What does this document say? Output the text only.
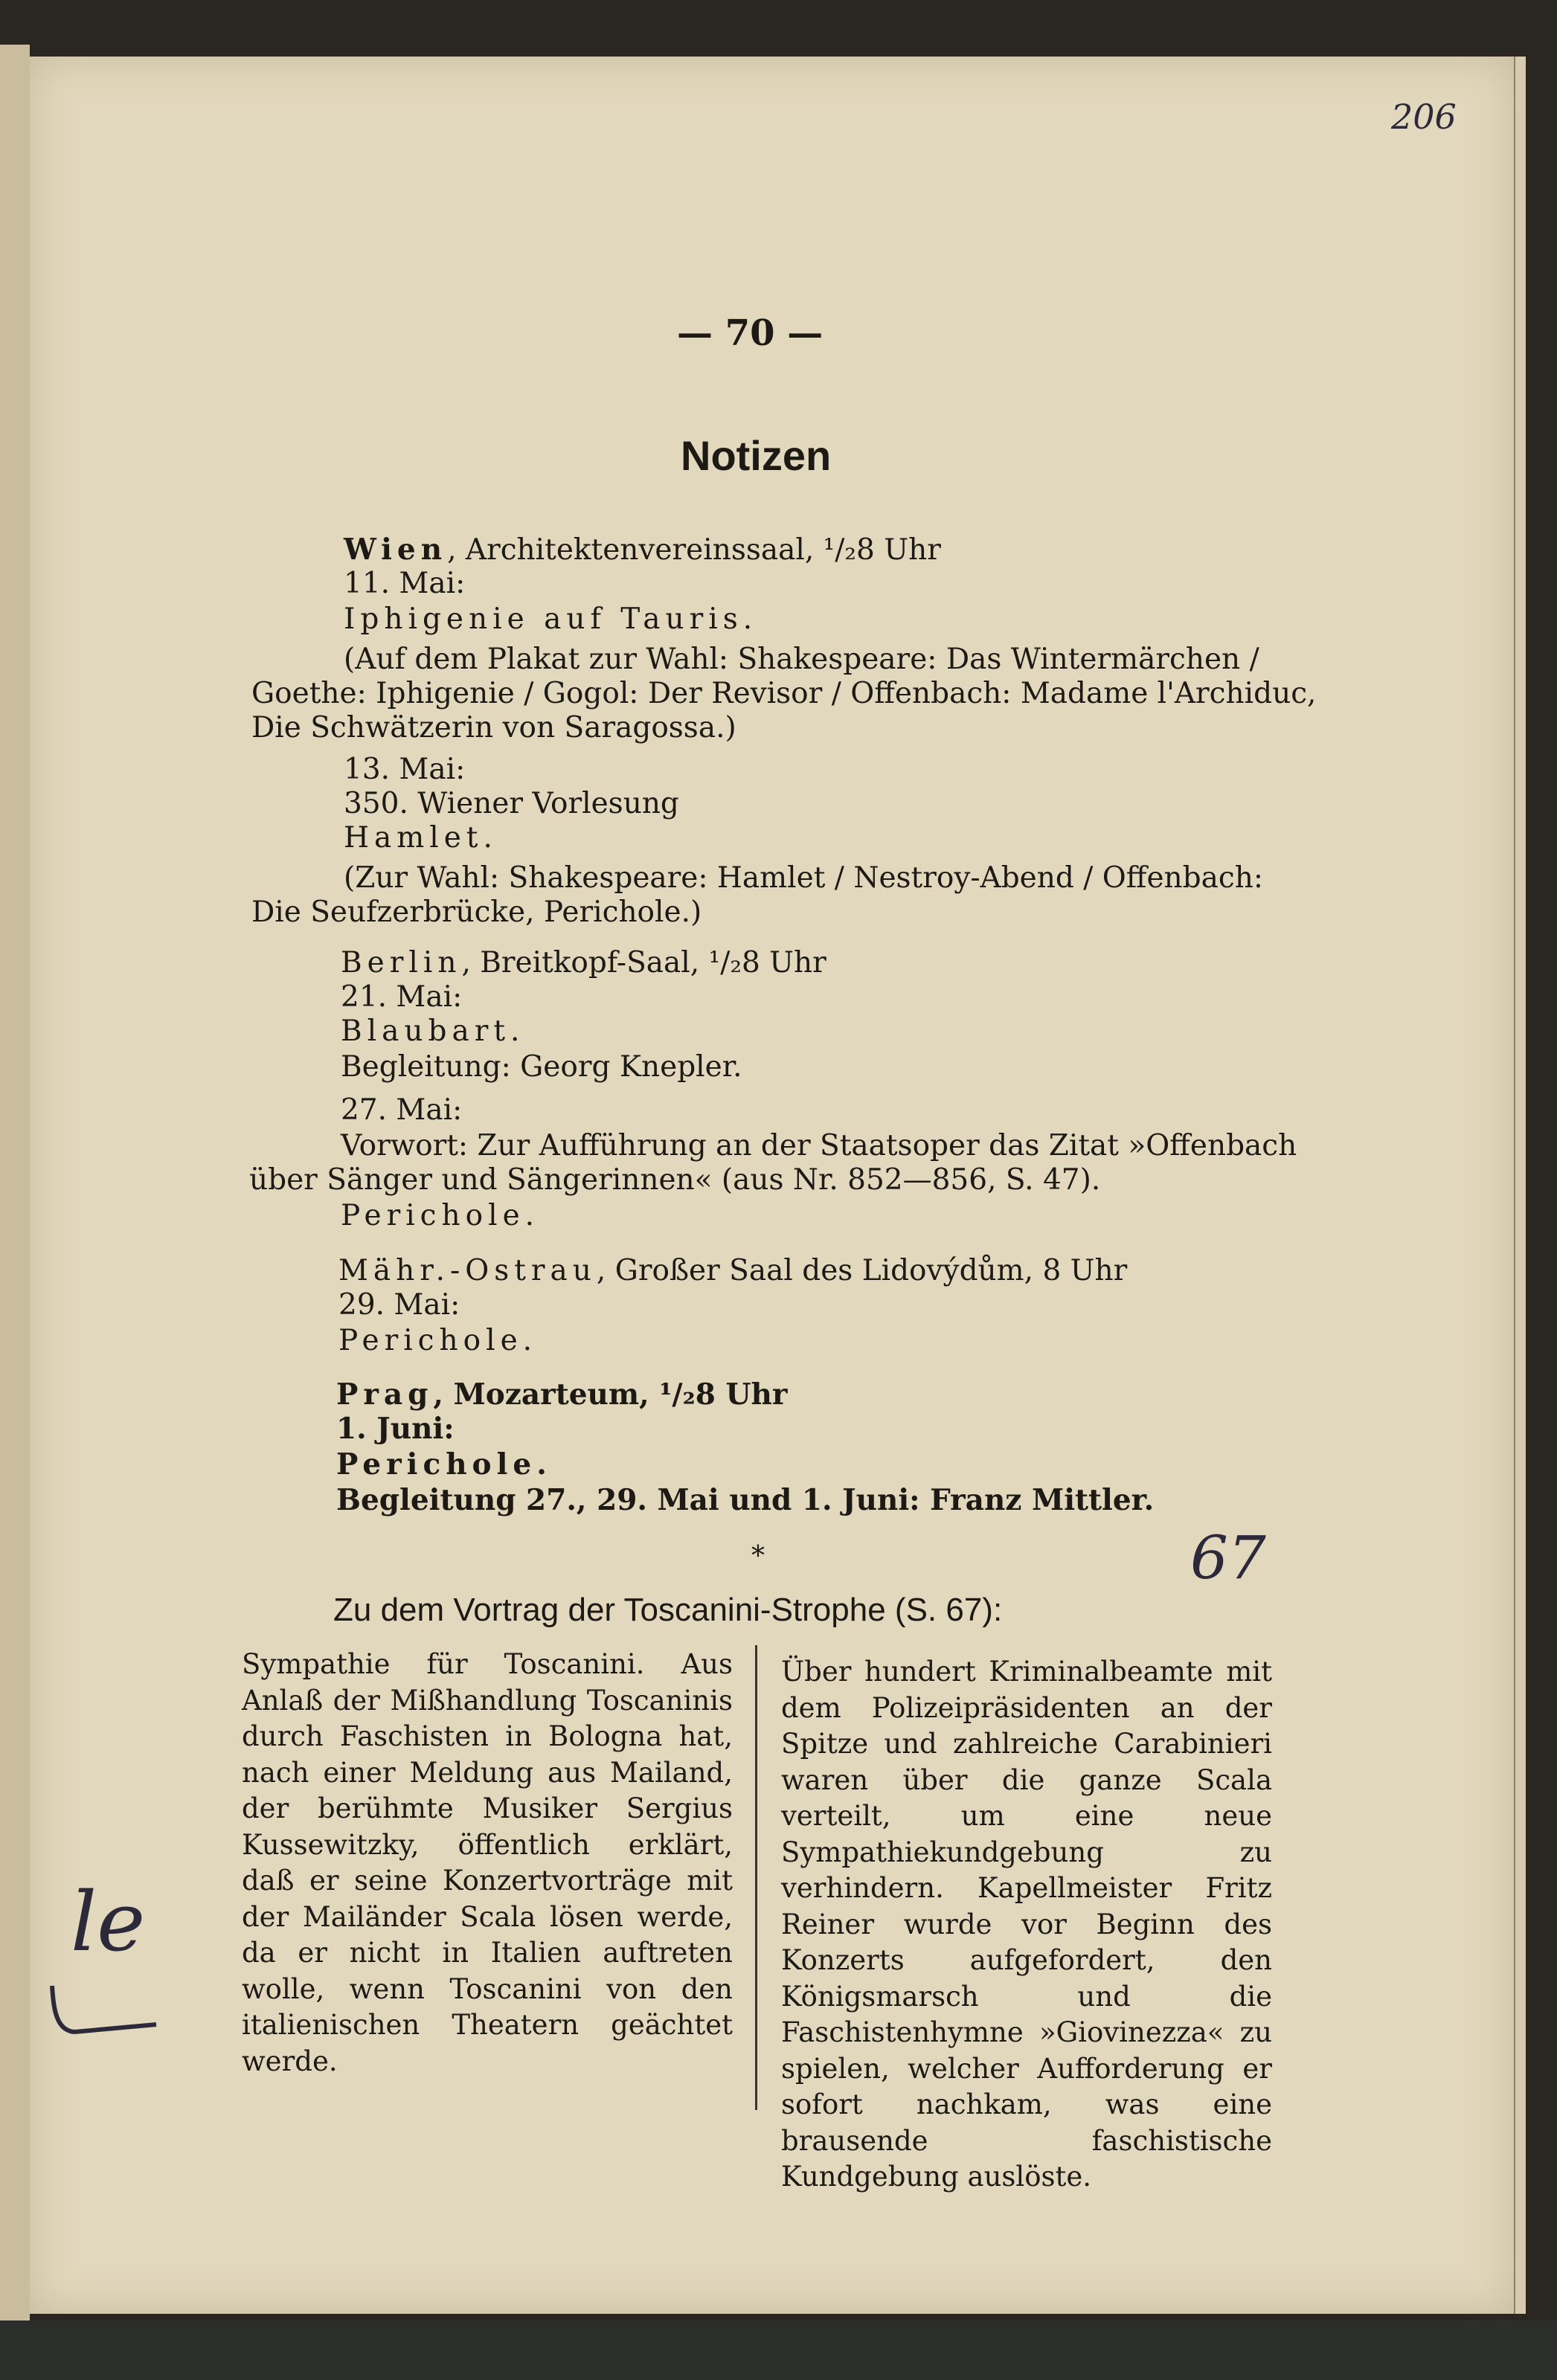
206
— 70 —
Notizen
Wien, Architektenvereinssaal, ¹/₂8 Uhr
11. Mai:
Iphigenie auf Tauris.
(Auf dem Plakat zur Wahl: Shakespeare: Das Wintermärchen /
Goethe: Iphigenie / Gogol: Der Revisor / Offenbach: Madame l'Archiduc,
Die Schwätzerin von Saragossa.)
13. Mai:
350. Wiener Vorlesung
Hamlet.
(Zur Wahl: Shakespeare: Hamlet / Nestroy-Abend / Offenbach:
Die Seufzerbrücke, Perichole.)
Berlin, Breitkopf-Saal, ¹/₂8 Uhr
21. Mai:
Blaubart.
Begleitung: Georg Knepler.
27. Mai:
Vorwort: Zur Aufführung an der Staatsoper das Zitat »Offenbach
über Sänger und Sängerinnen« (aus Nr. 852—856, S. 47).
Perichole.
Mähr.-Ostrau, Großer Saal des Lidovýdům, 8 Uhr
29. Mai:
Perichole.
Prag, Mozarteum, ¹/₂8 Uhr
1. Juni:
Perichole.
Begleitung 27., 29. Mai und 1. Juni: Franz Mittler.
*	67
Zu dem Vortrag der Toscanini-Strophe (S. 67):
Sympathie für Toscanini. Aus Anlaß der Mißhandlung Toscaninis durch Faschisten in Bologna hat, nach einer Meldung aus Mailand, der berühmte Musiker Sergius Kussewitzky, öffentlich erklärt, daß er seine Konzertvorträge mit der Mailänder Scala lösen werde, da er nicht in Italien auftreten wolle, wenn Toscanini von den italienischen Theatern geächtet werde.
Über hundert Kriminalbeamte mit dem Polizeipräsidenten an der Spitze und zahlreiche Carabinieri waren über die ganze Scala verteilt, um eine neue Sympathiekundgebung zu verhindern. Kapellmeister Fritz Reiner wurde vor Beginn des Konzerts aufgefordert, den Königsmarsch und die Faschistenhymne »Giovinezza« zu spielen, welcher Aufforderung er sofort nachkam, was eine brausende faschistische Kundgebung auslöste.
le
